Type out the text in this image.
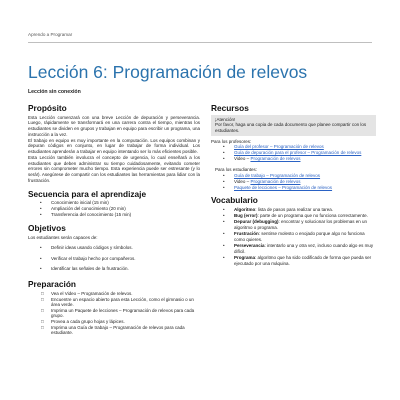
Aprendo a Programar
Lección 6: Programación de relevos
Lección sin conexión
Propósito

Esta Lección comenzará con una breve Lección de depuración y perseverancia. Luego, rápidamente se transformará en una carrera contra el tiempo, mientras los estudiantes se dividen en grupos y trabajan en equipo para escribir un programa, una instrucción a la vez.

El trabajo en equipo es muy importante en la computación. Los equipos combinan y depuran códigos en conjunto, en lugar de trabajar de forma individual. Los estudiantes aprenderán a trabajar en equipo intentando ser lo más eficientes posible.

Esta Lección también involucra el concepto de urgencia, lo cual enseñará a los estudiantes que deben administrar su tiempo cuidadosamente, evitando cometer errores sin comprometer mucho tiempo. Esta experiencia puede ser estresante (y lo será!). Asegúrese de compartir con los estudiantes las herramientas para lidiar con la frustración.

Secuencia para el aprendizaje
• Conocimiento inicial (15 min)
• Ampliación del conocimiento (20 min)
• Transferencia del conocimiento (15 min)
Objetivos

Los estudiantes serán capaces de:

• Definir ideas usando códigos y símbolos.
• Verificar el trabajo hecho por compañeros.
• Identificar las señales de la frustración.
Preparación
□ Vea el Video – Programación de relevos.
□ Encuentre un espacio abierto para esta Lección, como el gimnasio o un área verde.
□ Imprima un Paquete de lecciones – Programación de relevos para cada grupo.
□ Provea a cada grupo hojas y lápices.
□ Imprima una Guía de trabajo – Programación de relevos para cada estudiante.
Recursos

¡Atención!

Por favor, haga una copia de cada documento que planee compartir con los estudiantes.

Para los profesores:

• Guía del profesor – Programación de relevos
• Guía de depuración para el profesor – Programación de relevos
• Video – Programación de relevos

Para los estudiantes:

• Guía de trabajo – Programación de relevos
• Video – Programación de relevos
• Paquete de lecciones – Programación de relevos
Vocabulario
• Algoritmo: lista de pasos para realizar una tarea.
• Bug (error): parte de un programa que no funciona correctamente.
• Depurar (debugging): encontrar y solucionar los problemas en un algoritmo o programa.
• Frustración: sentirse molesto o enojado porque algo no funciona como quieres.
• Perseverancia: intentarlo una y otra vez, incluso cuando algo es muy difícil.
• Programa: algoritmo que ha sido codificado de forma que pueda ser ejecutado por una máquina.
